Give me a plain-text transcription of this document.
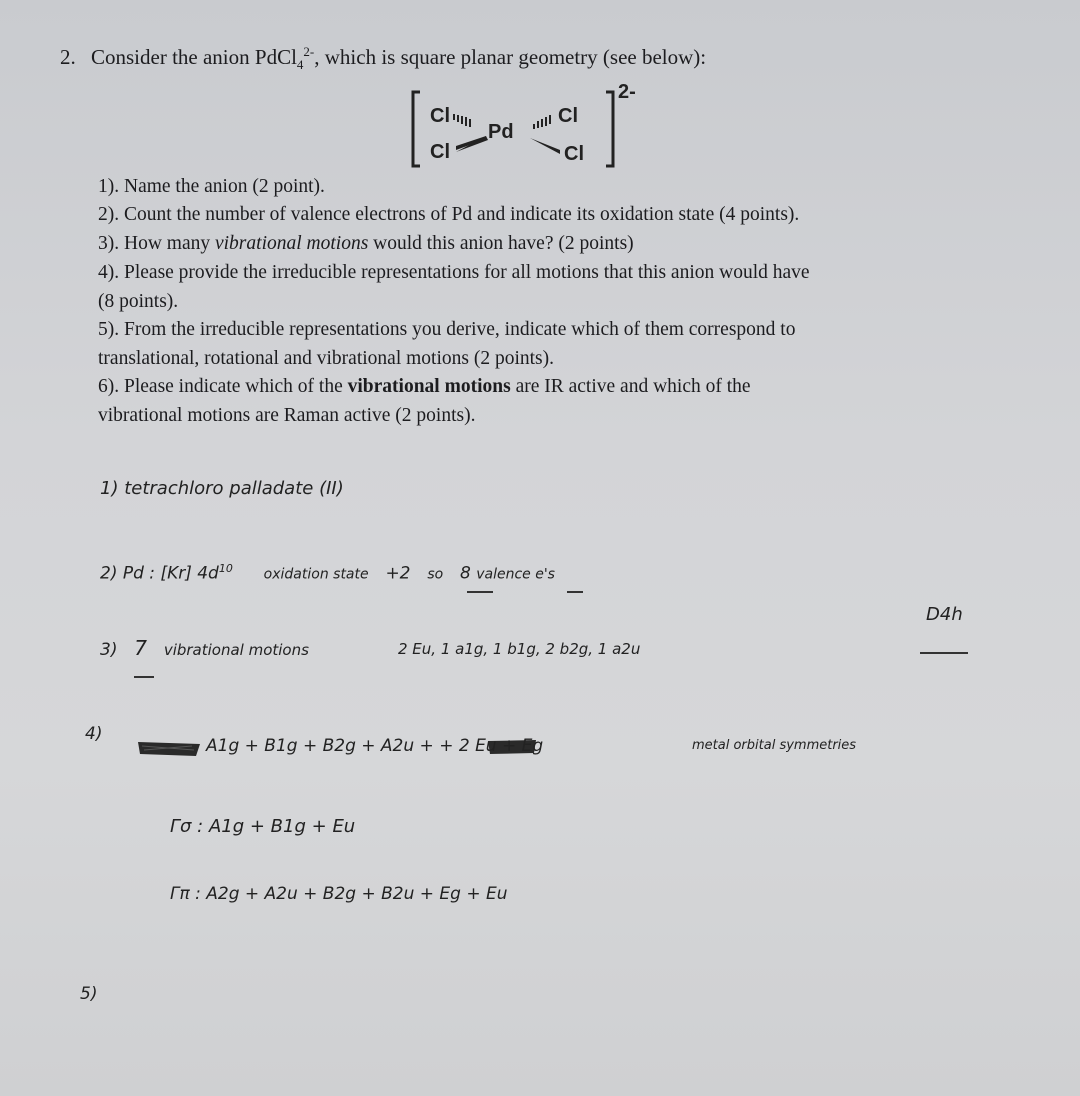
2. Consider the anion PdCl$_4^{2-}$, which is square planar geometry (see below):
2-
Cl
Pd
Cl
Cl	Cl
1). Name the anion (2 point).
2). Count the number of valence electrons of Pd and indicate its oxidation state (4 points).
3). How many vibrational motions would this anion have? (2 points)
4). Please provide the irreducible representations for all motions that this anion would have
(8 points).
5). From the irreducible representations you derive, indicate which of them correspond to
translational, rotational and vibrational motions (2 points).
6). Please indicate which of the vibrational motions are IR active and which of the
vibrational motions are Raman active (2 points).
1) tetrachloro palladate (II)
2) Pd : [Kr] $4d^{10}$ oxidation state +2 so 8 valence e's
3) 7 vibrational motions	2 Eu, 1 a1g, 1 b1g, 2 b2g, 1 a2u
D4h
4)
A1g + B1g + B2g + A2u + + 2 Eu + Eg	metal orbital symmetries
Γσ : A1g + B1g + Eu
Γπ : A2g + A2u + B2g + B2u + Eg + Eu
5)
